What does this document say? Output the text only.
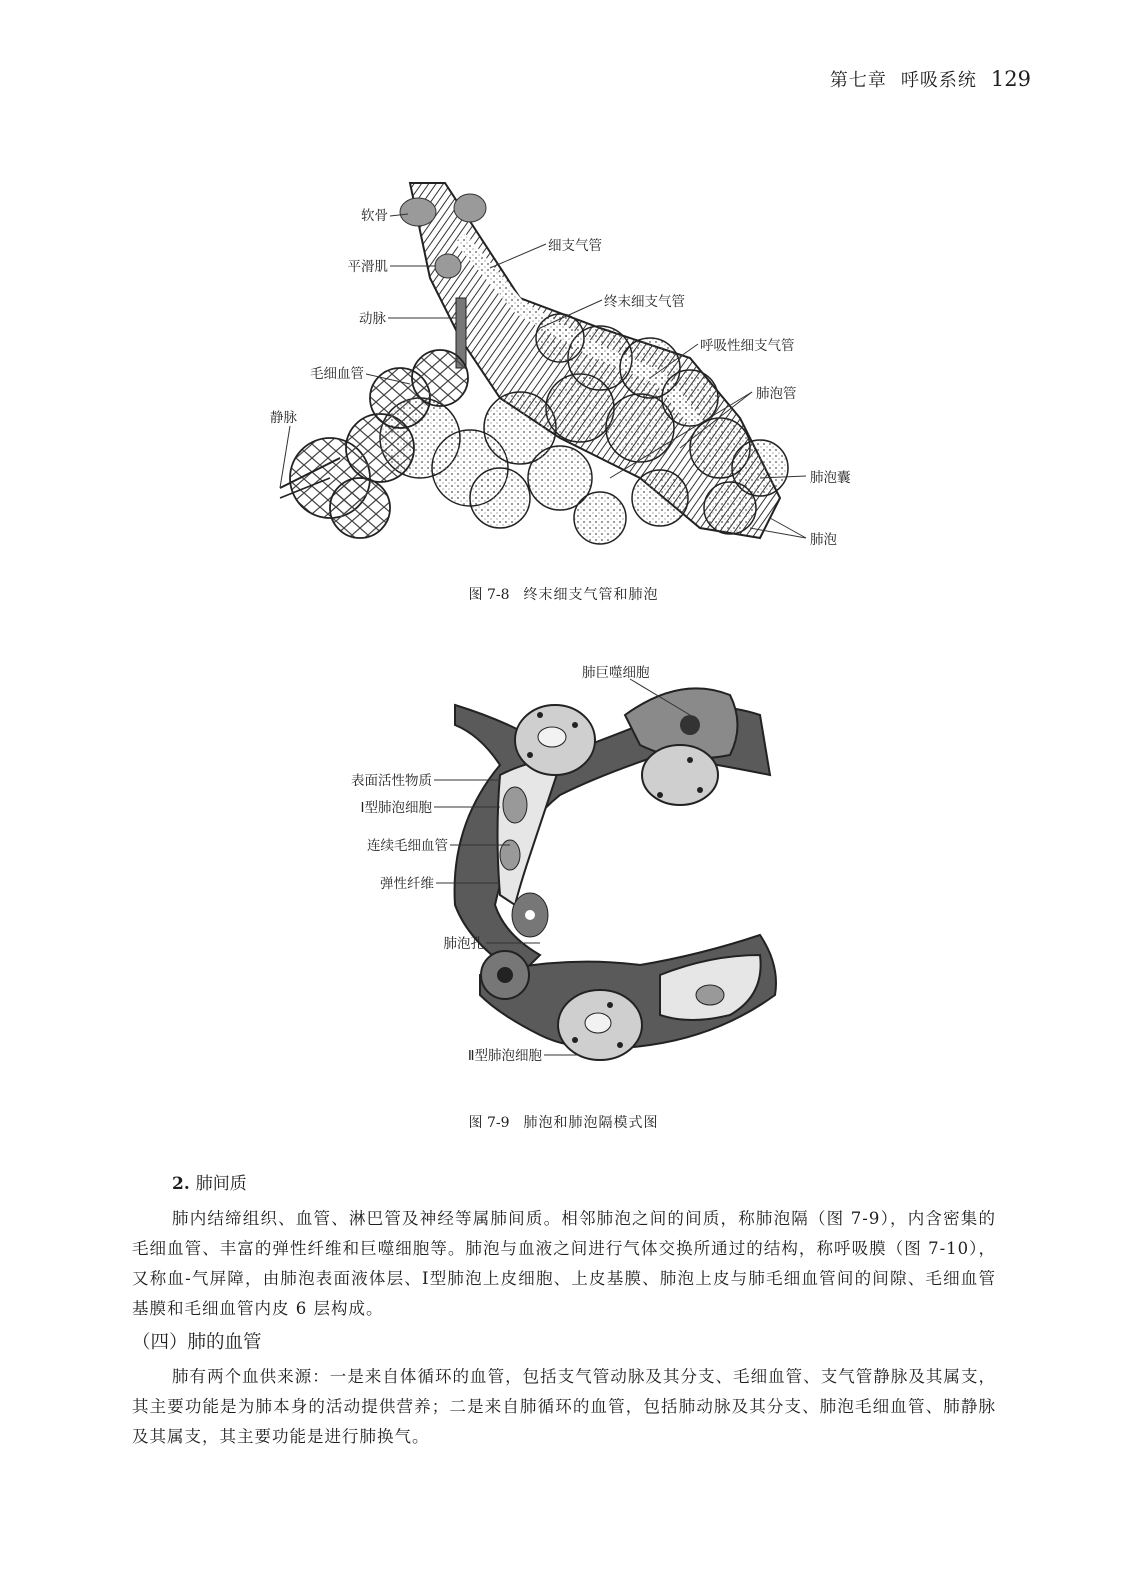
第七章 呼吸系统 129
软骨
平滑肌
动脉
毛细血管
静脉
细支气管
终末细支气管
呼吸性细支气管
肺泡管
肺泡囊
肺泡
图 7-8 终末细支气管和肺泡
肺巨噬细胞
表面活性物质
Ⅰ型肺泡细胞
连续毛细血管
弹性纤维
肺泡孔
Ⅱ型肺泡细胞
图 7-9 肺泡和肺泡隔模式图
2. 肺间质

肺内结缔组织、血管、淋巴管及神经等属肺间质。相邻肺泡之间的间质，称肺泡隔（图 7-9），内含密集的毛细血管、丰富的弹性纤维和巨噬细胞等。肺泡与血液之间进行气体交换所通过的结构，称呼吸膜（图 7-10），又称血-气屏障，由肺泡表面液体层、Ⅰ型肺泡上皮细胞、上皮基膜、肺泡上皮与肺毛细血管间的间隙、毛细血管基膜和毛细血管内皮 6 层构成。

（四）肺的血管

肺有两个血供来源：一是来自体循环的血管，包括支气管动脉及其分支、毛细血管、支气管静脉及其属支，其主要功能是为肺本身的活动提供营养；二是来自肺循环的血管，包括肺动脉及其分支、肺泡毛细血管、肺静脉及其属支，其主要功能是进行肺换气。
